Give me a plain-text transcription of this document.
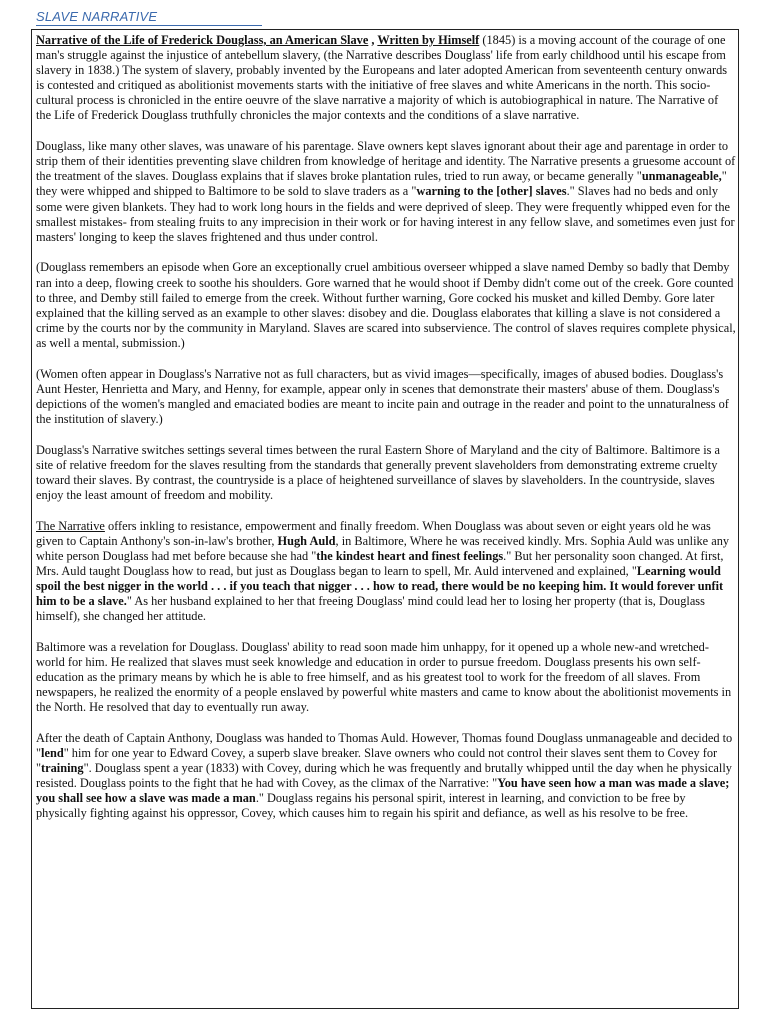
SLAVE NARRATIVE

Narrative of the Life of Frederick Douglass, an American Slave , Written by Himself (1845) is a moving account of the courage of one man's struggle against the injustice of antebellum slavery, (the Narrative describes Douglass' life from early childhood until his escape from slavery in 1838.) The system of slavery, probably invented by the Europeans and later adopted American from seventeenth century onwards is contested and critiqued as abolitionist movements starts with the initiative of free slaves and white Americans in the north. This socio-cultural process is chronicled in the entire oeuvre of the slave narrative a majority of which is autobiographical in nature. The Narrative of the Life of Frederick Douglass truthfully chronicles the major contexts and the conditions of a slave narrative.

Douglass, like many other slaves, was unaware of his parentage. Slave owners kept slaves ignorant about their age and parentage in order to strip them of their identities preventing slave children from knowledge of heritage and identity. The Narrative presents a gruesome account of the treatment of the slaves. Douglass explains that if slaves broke plantation rules, tried to run away, or became generally "unmanageable," they were whipped and shipped to Baltimore to be sold to slave traders as a "warning to the [other] slaves." Slaves had no beds and only some were given blankets. They had to work long hours in the fields and were deprived of sleep. They were frequently whipped even for the smallest mistakes- from stealing fruits to any imprecision in their work or for having interest in any fellow slave, and sometimes even just for masters' longing to keep the slaves frightened and thus under control.

(Douglass remembers an episode when Gore an exceptionally cruel ambitious overseer whipped a slave named Demby so badly that Demby ran into a deep, flowing creek to soothe his shoulders. Gore warned that he would shoot if Demby didn't come out of the creek. Gore counted to three, and Demby still failed to emerge from the creek. Without further warning, Gore cocked his musket and killed Demby. Gore later explained that the killing served as an example to other slaves: disobey and die. Douglass elaborates that killing a slave is not considered a crime by the courts nor by the community in Maryland. Slaves are scared into subservience. The control of slaves requires complete physical, as well a mental, submission.)

(Women often appear in Douglass's Narrative not as full characters, but as vivid images—specifically, images of abused bodies. Douglass's Aunt Hester, Henrietta and Mary, and Henny, for example, appear only in scenes that demonstrate their masters' abuse of them. Douglass's depictions of the women's mangled and emaciated bodies are meant to incite pain and outrage in the reader and point to the unnaturalness of the institution of slavery.)

Douglass's Narrative switches settings several times between the rural Eastern Shore of Maryland and the city of Baltimore. Baltimore is a site of relative freedom for the slaves resulting from the standards that generally prevent slaveholders from demonstrating extreme cruelty toward their slaves. By contrast, the countryside is a place of heightened surveillance of slaves by slaveholders. In the countryside, slaves enjoy the least amount of freedom and mobility.

The Narrative offers inkling to resistance, empowerment and finally freedom. When Douglass was about seven or eight years old he was given to Captain Anthony's son-in-law's brother, Hugh Auld, in Baltimore, Where he was received kindly. Mrs. Sophia Auld was unlike any white person Douglass had met before because she had "the kindest heart and finest feelings." But her personality soon changed. At first, Mrs. Auld taught Douglass how to read, but just as Douglass began to learn to spell, Mr. Auld intervened and explained, "Learning would spoil the best nigger in the world . . . if you teach that nigger . . . how to read, there would be no keeping him. It would forever unfit him to be a slave." As her husband explained to her that freeing Douglass' mind could lead her to losing her property (that is, Douglass himself), she changed her attitude.

Baltimore was a revelation for Douglass. Douglass' ability to read soon made him unhappy, for it opened up a whole new-and wretched- world for him. He realized that slaves must seek knowledge and education in order to pursue freedom. Douglass presents his own self-education as the primary means by which he is able to free himself, and as his greatest tool to work for the freedom of all slaves. From newspapers, he realized the enormity of a people enslaved by powerful white masters and came to know about the abolitionist movements in the North. He resolved that day to eventually run away.

After the death of Captain Anthony, Douglass was handed to Thomas Auld. However, Thomas found Douglass unmanageable and decided to "lend" him for one year to Edward Covey, a superb slave breaker. Slave owners who could not control their slaves sent them to Covey for "training". Douglass spent a year (1833) with Covey, during which he was frequently and brutally whipped until the day when he physically resisted. Douglass points to the fight that he had with Covey, as the climax of the Narrative: "You have seen how a man was made a slave; you shall see how a slave was made a man." Douglass regains his personal spirit, interest in learning, and conviction to be free by physically fighting against his oppressor, Covey, which causes him to regain his spirit and defiance, as well as his resolve to be free.
